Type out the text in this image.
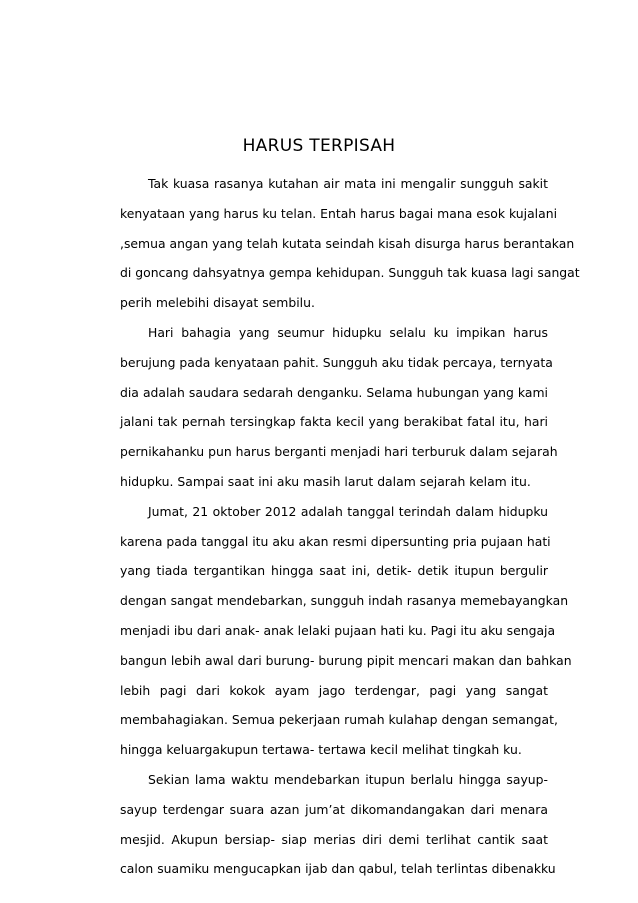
HARUS TERPISAH
Tak kuasa rasanya kutahan air mata ini mengalir sungguh sakit
kenyataan yang harus ku telan. Entah harus bagai mana esok kujalani
,semua angan yang telah kutata seindah kisah disurga harus berantakan
di goncang dahsyatnya gempa kehidupan. Sungguh tak kuasa lagi sangat
perih melebihi disayat sembilu.
Hari bahagia yang seumur hidupku selalu ku impikan harus
berujung pada kenyataan pahit. Sungguh aku tidak percaya, ternyata
dia adalah saudara sedarah denganku. Selama hubungan yang kami
jalani tak pernah tersingkap fakta kecil yang berakibat fatal itu, hari
pernikahanku pun harus berganti menjadi hari terburuk dalam sejarah
hidupku. Sampai saat ini aku masih larut dalam sejarah kelam itu.
Jumat, 21 oktober 2012 adalah tanggal terindah dalam hidupku
karena pada tanggal itu aku akan resmi dipersunting pria pujaan hati
yang tiada tergantikan hingga saat ini, detik- detik itupun bergulir
dengan sangat mendebarkan, sungguh indah rasanya memebayangkan
menjadi ibu dari anak- anak lelaki pujaan hati ku. Pagi itu aku sengaja
bangun lebih awal dari burung- burung pipit mencari makan dan bahkan
lebih pagi dari kokok ayam jago terdengar, pagi yang sangat
membahagiakan. Semua pekerjaan rumah kulahap dengan semangat,
hingga keluargakupun tertawa- tertawa kecil melihat tingkah ku.
Sekian lama waktu mendebarkan itupun berlalu hingga sayup-
sayup terdengar suara azan jum’at dikomandangakan dari menara
mesjid. Akupun bersiap- siap merias diri demi terlihat cantik saat
calon suamiku mengucapkan ijab dan qabul, telah terlintas dibenakku
